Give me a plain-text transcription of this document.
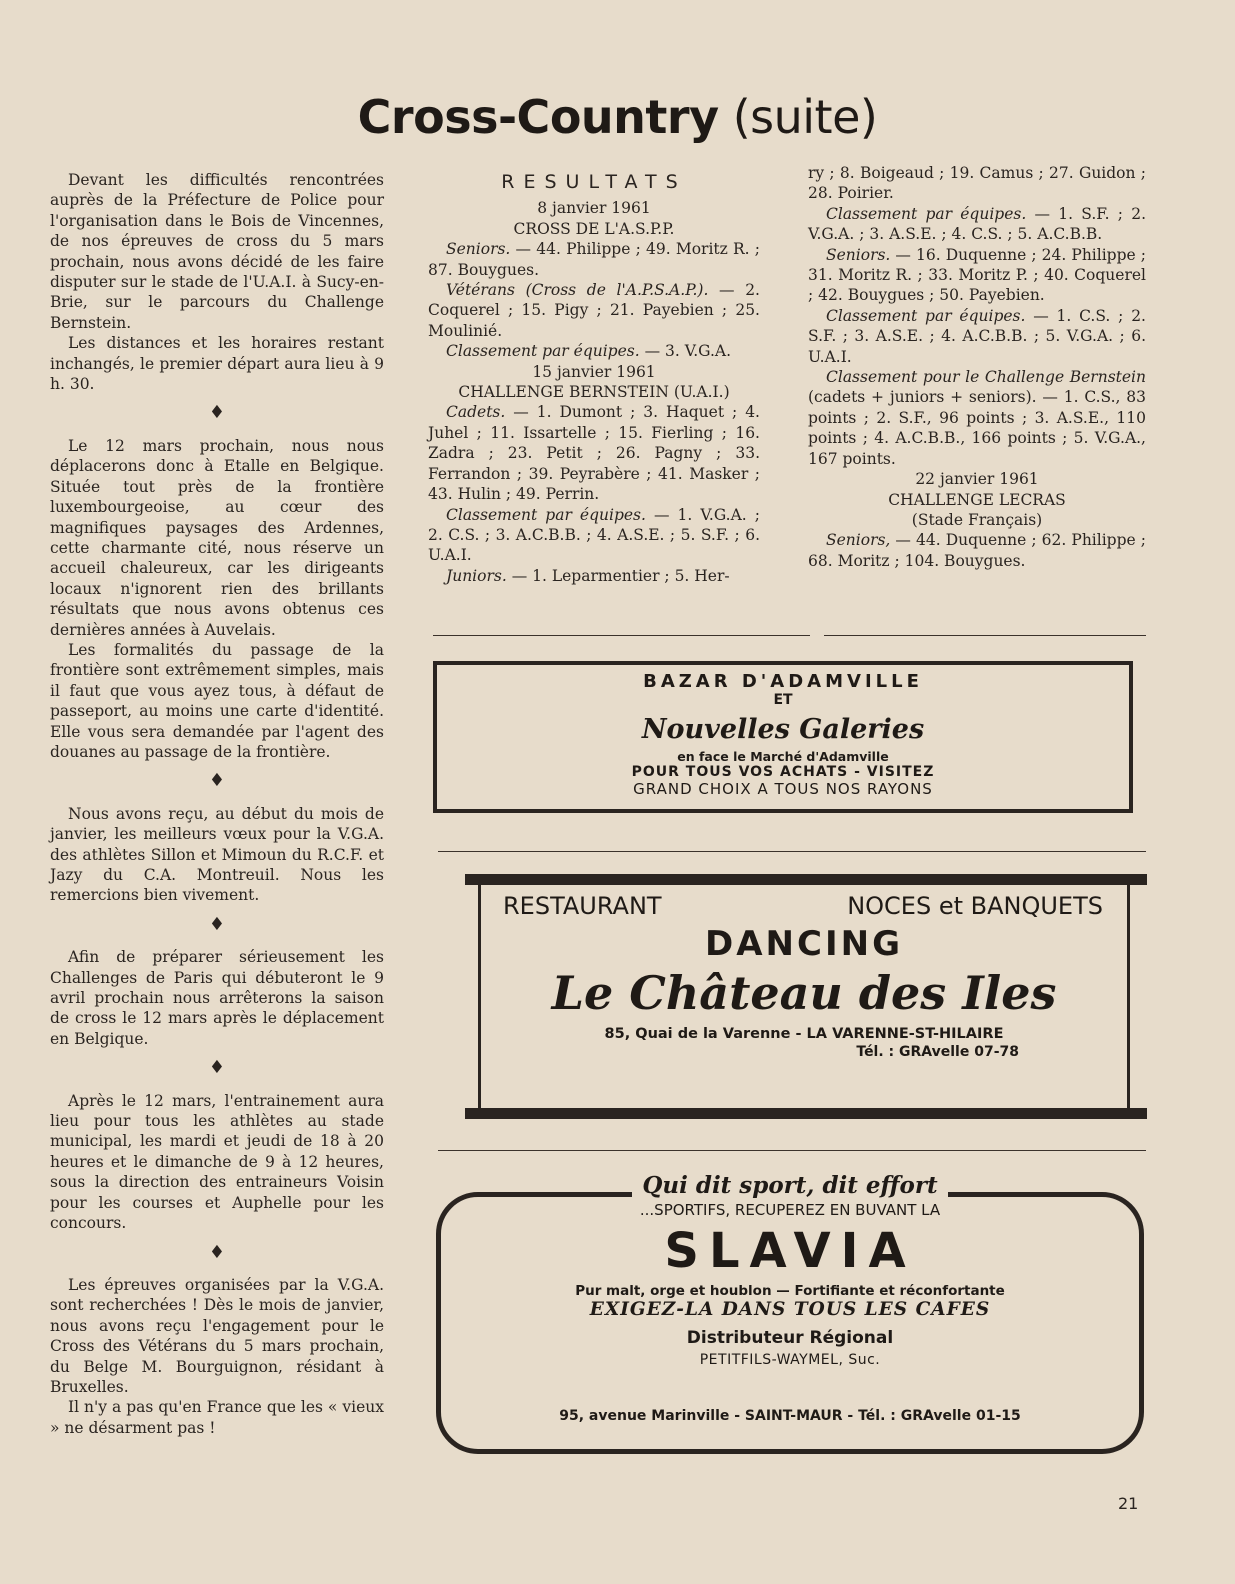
Cross-Country (suite)

Devant les difficultés rencontrées auprès de la Préfecture de Police pour l'organisation dans le Bois de Vincennes, de nos épreuves de cross du 5 mars prochain, nous avons décidé de les faire disputer sur le stade de l'U.A.I. à Sucy-en-Brie, sur le parcours du Challenge Bernstein.

Les distances et les horaires restant inchangés, le premier départ aura lieu à 9 h. 30.

♦

Le 12 mars prochain, nous nous déplacerons donc à Etalle en Belgique. Située tout près de la frontière luxembourgeoise, au cœur des magnifiques paysages des Ardennes, cette charmante cité, nous réserve un accueil chaleureux, car les dirigeants locaux n'ignorent rien des brillants résultats que nous avons obtenus ces dernières années à Auvelais.

Les formalités du passage de la frontière sont extrêmement simples, mais il faut que vous ayez tous, à défaut de passeport, au moins une carte d'identité. Elle vous sera demandée par l'agent des douanes au passage de la frontière.

♦

Nous avons reçu, au début du mois de janvier, les meilleurs vœux pour la V.G.A. des athlètes Sillon et Mimoun du R.C.F. et Jazy du C.A. Montreuil. Nous les remercions bien vivement.

♦

Afin de préparer sérieusement les Challenges de Paris qui débuteront le 9 avril prochain nous arrêterons la saison de cross le 12 mars après le déplacement en Belgique.

♦

Après le 12 mars, l'entrainement aura lieu pour tous les athlètes au stade municipal, les mardi et jeudi de 18 à 20 heures et le dimanche de 9 à 12 heures, sous la direction des entraineurs Voisin pour les courses et Auphelle pour les concours.

♦

Les épreuves organisées par la V.G.A. sont recherchées ! Dès le mois de janvier, nous avons reçu l'engagement pour le Cross des Vétérans du 5 mars prochain, du Belge M. Bourguignon, résidant à Bruxelles.

Il n'y a pas qu'en France que les « vieux » ne désarment pas !

RESULTATS

8 janvier 1961

CROSS DE L'A.S.P.P.

Seniors. — 44. Philippe ; 49. Moritz R. ; 87. Bouygues.

Vétérans (Cross de l'A.P.S.A.P.). — 2. Coquerel ; 15. Pigy ; 21. Payebien ; 25. Moulinié.

Classement par équipes. — 3. V.G.A.

15 janvier 1961

CHALLENGE BERNSTEIN (U.A.I.)

Cadets. — 1. Dumont ; 3. Haquet ; 4. Juhel ; 11. Issartelle ; 15. Fierling ; 16. Zadra ; 23. Petit ; 26. Pagny ; 33. Ferrandon ; 39. Peyrabère ; 41. Masker ; 43. Hulin ; 49. Perrin.

Classement par équipes. — 1. V.G.A. ; 2. C.S. ; 3. A.C.B.B. ; 4. A.S.E. ; 5. S.F. ; 6. U.A.I.

Juniors. — 1. Leparmentier ; 5. Her-

ry ; 8. Boigeaud ; 19. Camus ; 27. Guidon ; 28. Poirier.

Classement par équipes. — 1. S.F. ; 2. V.G.A. ; 3. A.S.E. ; 4. C.S. ; 5. A.C.B.B.

Seniors. — 16. Duquenne ; 24. Philippe ; 31. Moritz R. ; 33. Moritz P. ; 40. Coquerel ; 42. Bouygues ; 50. Payebien.

Classement par équipes. — 1. C.S. ; 2. S.F. ; 3. A.S.E. ; 4. A.C.B.B. ; 5. V.G.A. ; 6. U.A.I.

Classement pour le Challenge Bernstein (cadets + juniors + seniors). — 1. C.S., 83 points ; 2. S.F., 96 points ; 3. A.S.E., 110 points ; 4. A.C.B.B., 166 points ; 5. V.G.A., 167 points.

22 janvier 1961

CHALLENGE LECRAS

(Stade Français)

Seniors, — 44. Duquenne ; 62. Philippe ; 68. Moritz ; 104. Bouygues.

BAZAR D'ADAMVILLE
ET
Nouvelles Galeries
en face le Marché d'Adamville
POUR TOUS VOS ACHATS - VISITEZ
GRAND CHOIX A TOUS NOS RAYONS
RESTAURANT	NOCES et BANQUETS
DANCING
Le Château des Iles
85, Quai de la Varenne - LA VARENNE-ST-HILAIRE
Tél. : GRAvelle 07-78
Qui dit sport, dit effort
...SPORTIFS, RECUPEREZ EN BUVANT LA
SLAVIA
Pur malt, orge et houblon — Fortifiante et réconfortante
EXIGEZ-LA DANS TOUS LES CAFES
Distributeur Régional
PETITFILS-WAYMEL, Suc.
95, avenue Marinville - SAINT-MAUR - Tél. : GRAvelle 01-15
21
